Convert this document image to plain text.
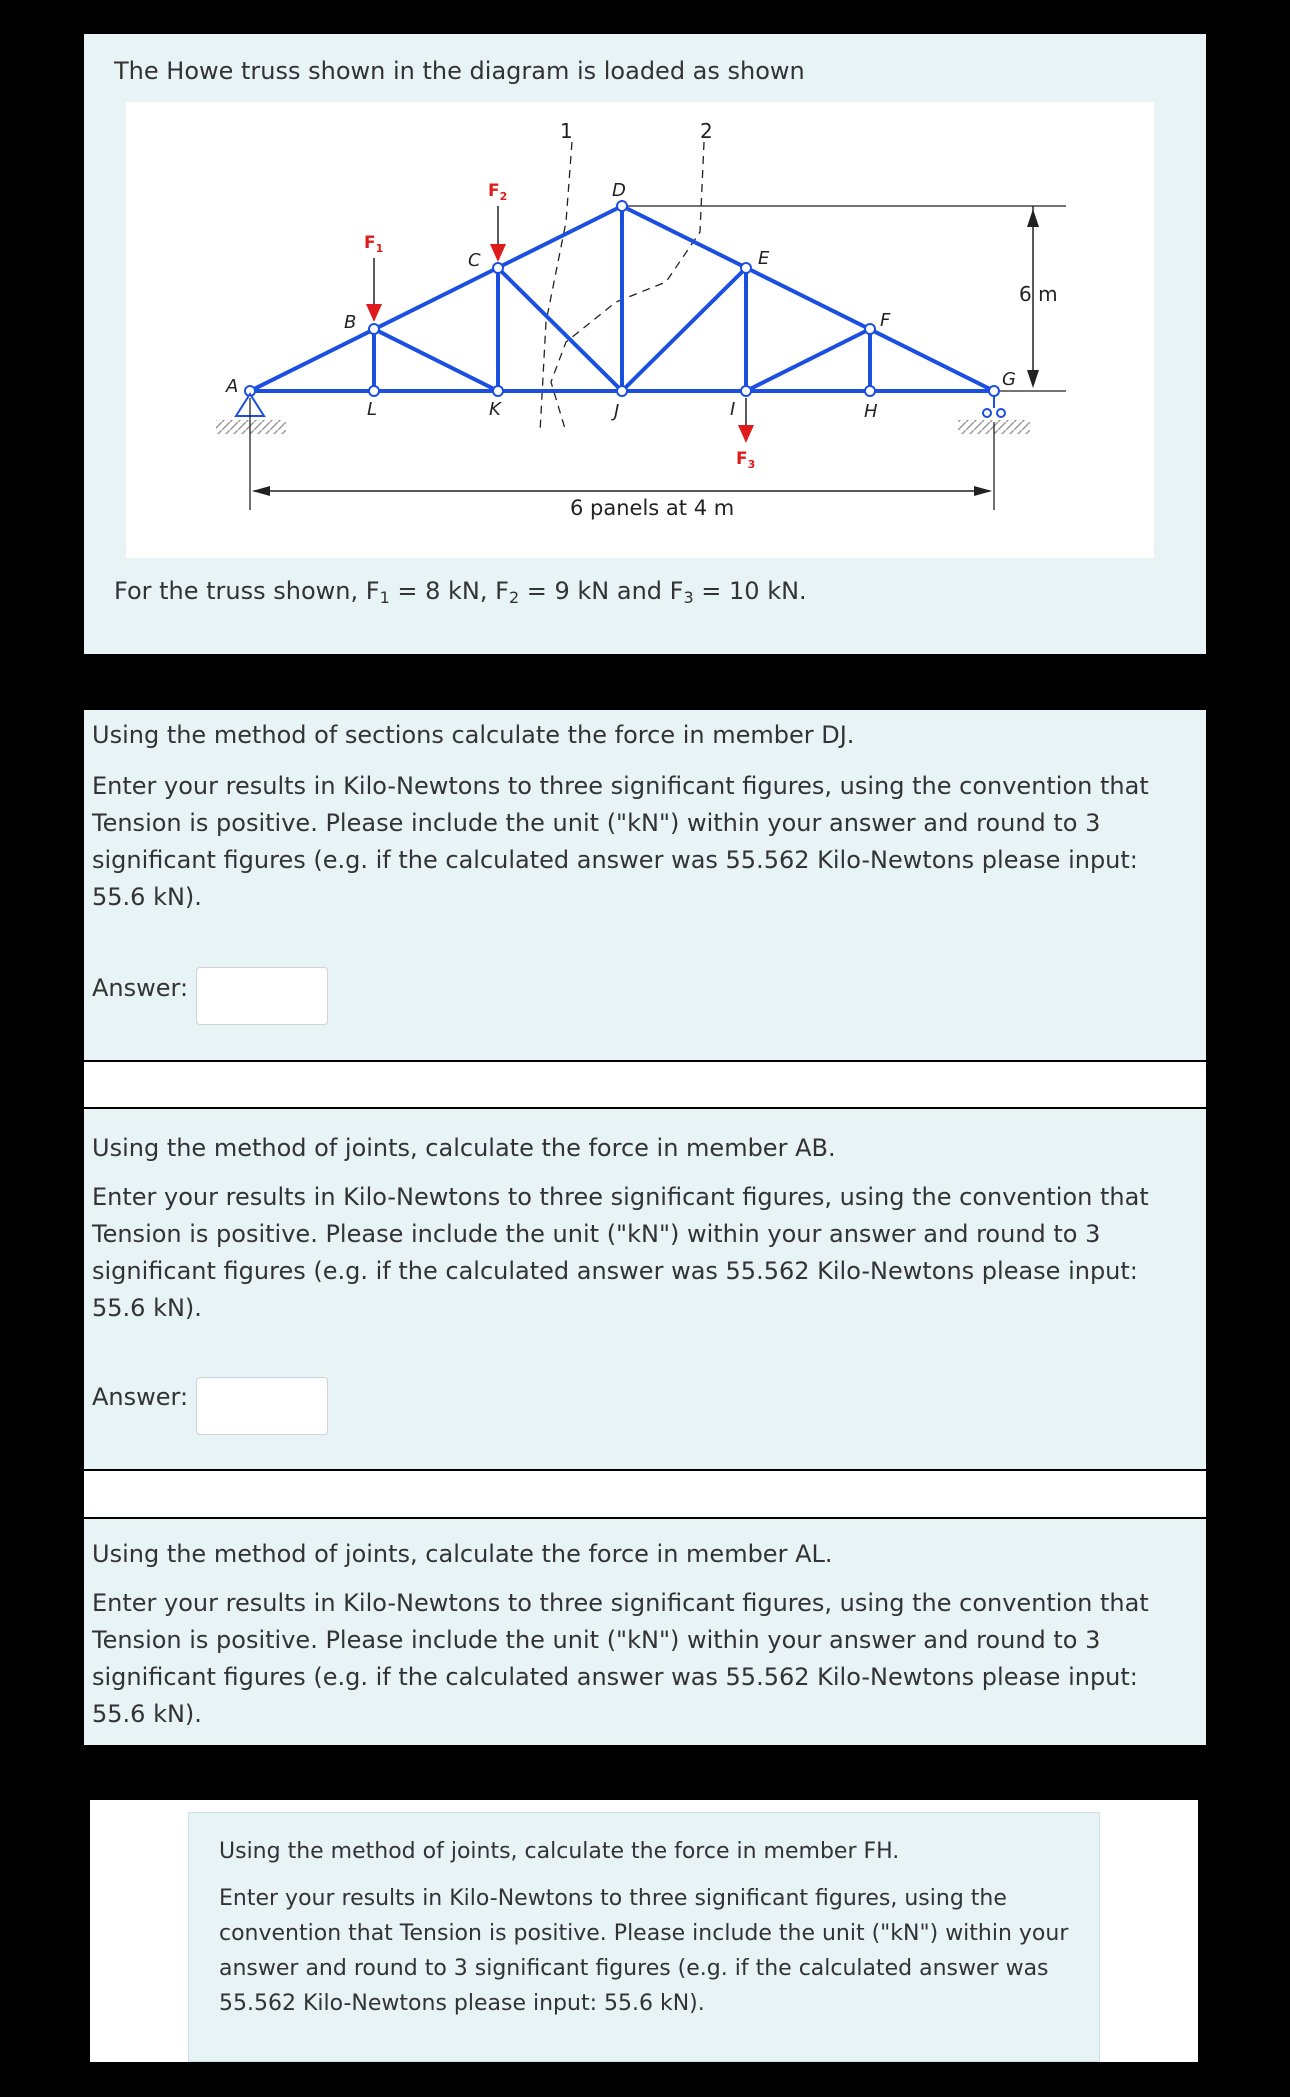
The Howe truss shown in the diagram is loaded as shown
6 m
1	2
$F_1$
$F_2$
$F_3$
A
B
C
D
E
F
G
H
I
J
K
L
6 panels at 4 m
For the truss shown, $F_1 = 8$ kN, $F_2 = 9$ kN and $F_3 = 10$ kN.
Using the method of sections calculate the force in member DJ.
Enter your results in Kilo-Newtons to three significant figures, using the convention that Tension is positive. Please include the unit ("kN") within your answer and round to 3 significant figures (e.g. if the calculated answer was 55.562 Kilo-Newtons please input: 55.6 kN).
Answer:
Using the method of joints, calculate the force in member AB.
Enter your results in Kilo-Newtons to three significant figures, using the convention that Tension is positive. Please include the unit ("kN") within your answer and round to 3 significant figures (e.g. if the calculated answer was 55.562 Kilo-Newtons please input: 55.6 kN).
Answer:
Using the method of joints, calculate the force in member AL.
Enter your results in Kilo-Newtons to three significant figures, using the convention that Tension is positive. Please include the unit ("kN") within your answer and round to 3 significant figures (e.g. if the calculated answer was 55.562 Kilo-Newtons please input: 55.6 kN).
Using the method of joints, calculate the force in member FH.
Enter your results in Kilo-Newtons to three significant figures, using the convention that Tension is positive. Please include the unit ("kN") within your answer and round to 3 significant figures (e.g. if the calculated answer was 55.562 Kilo-Newtons please input: 55.6 kN).
